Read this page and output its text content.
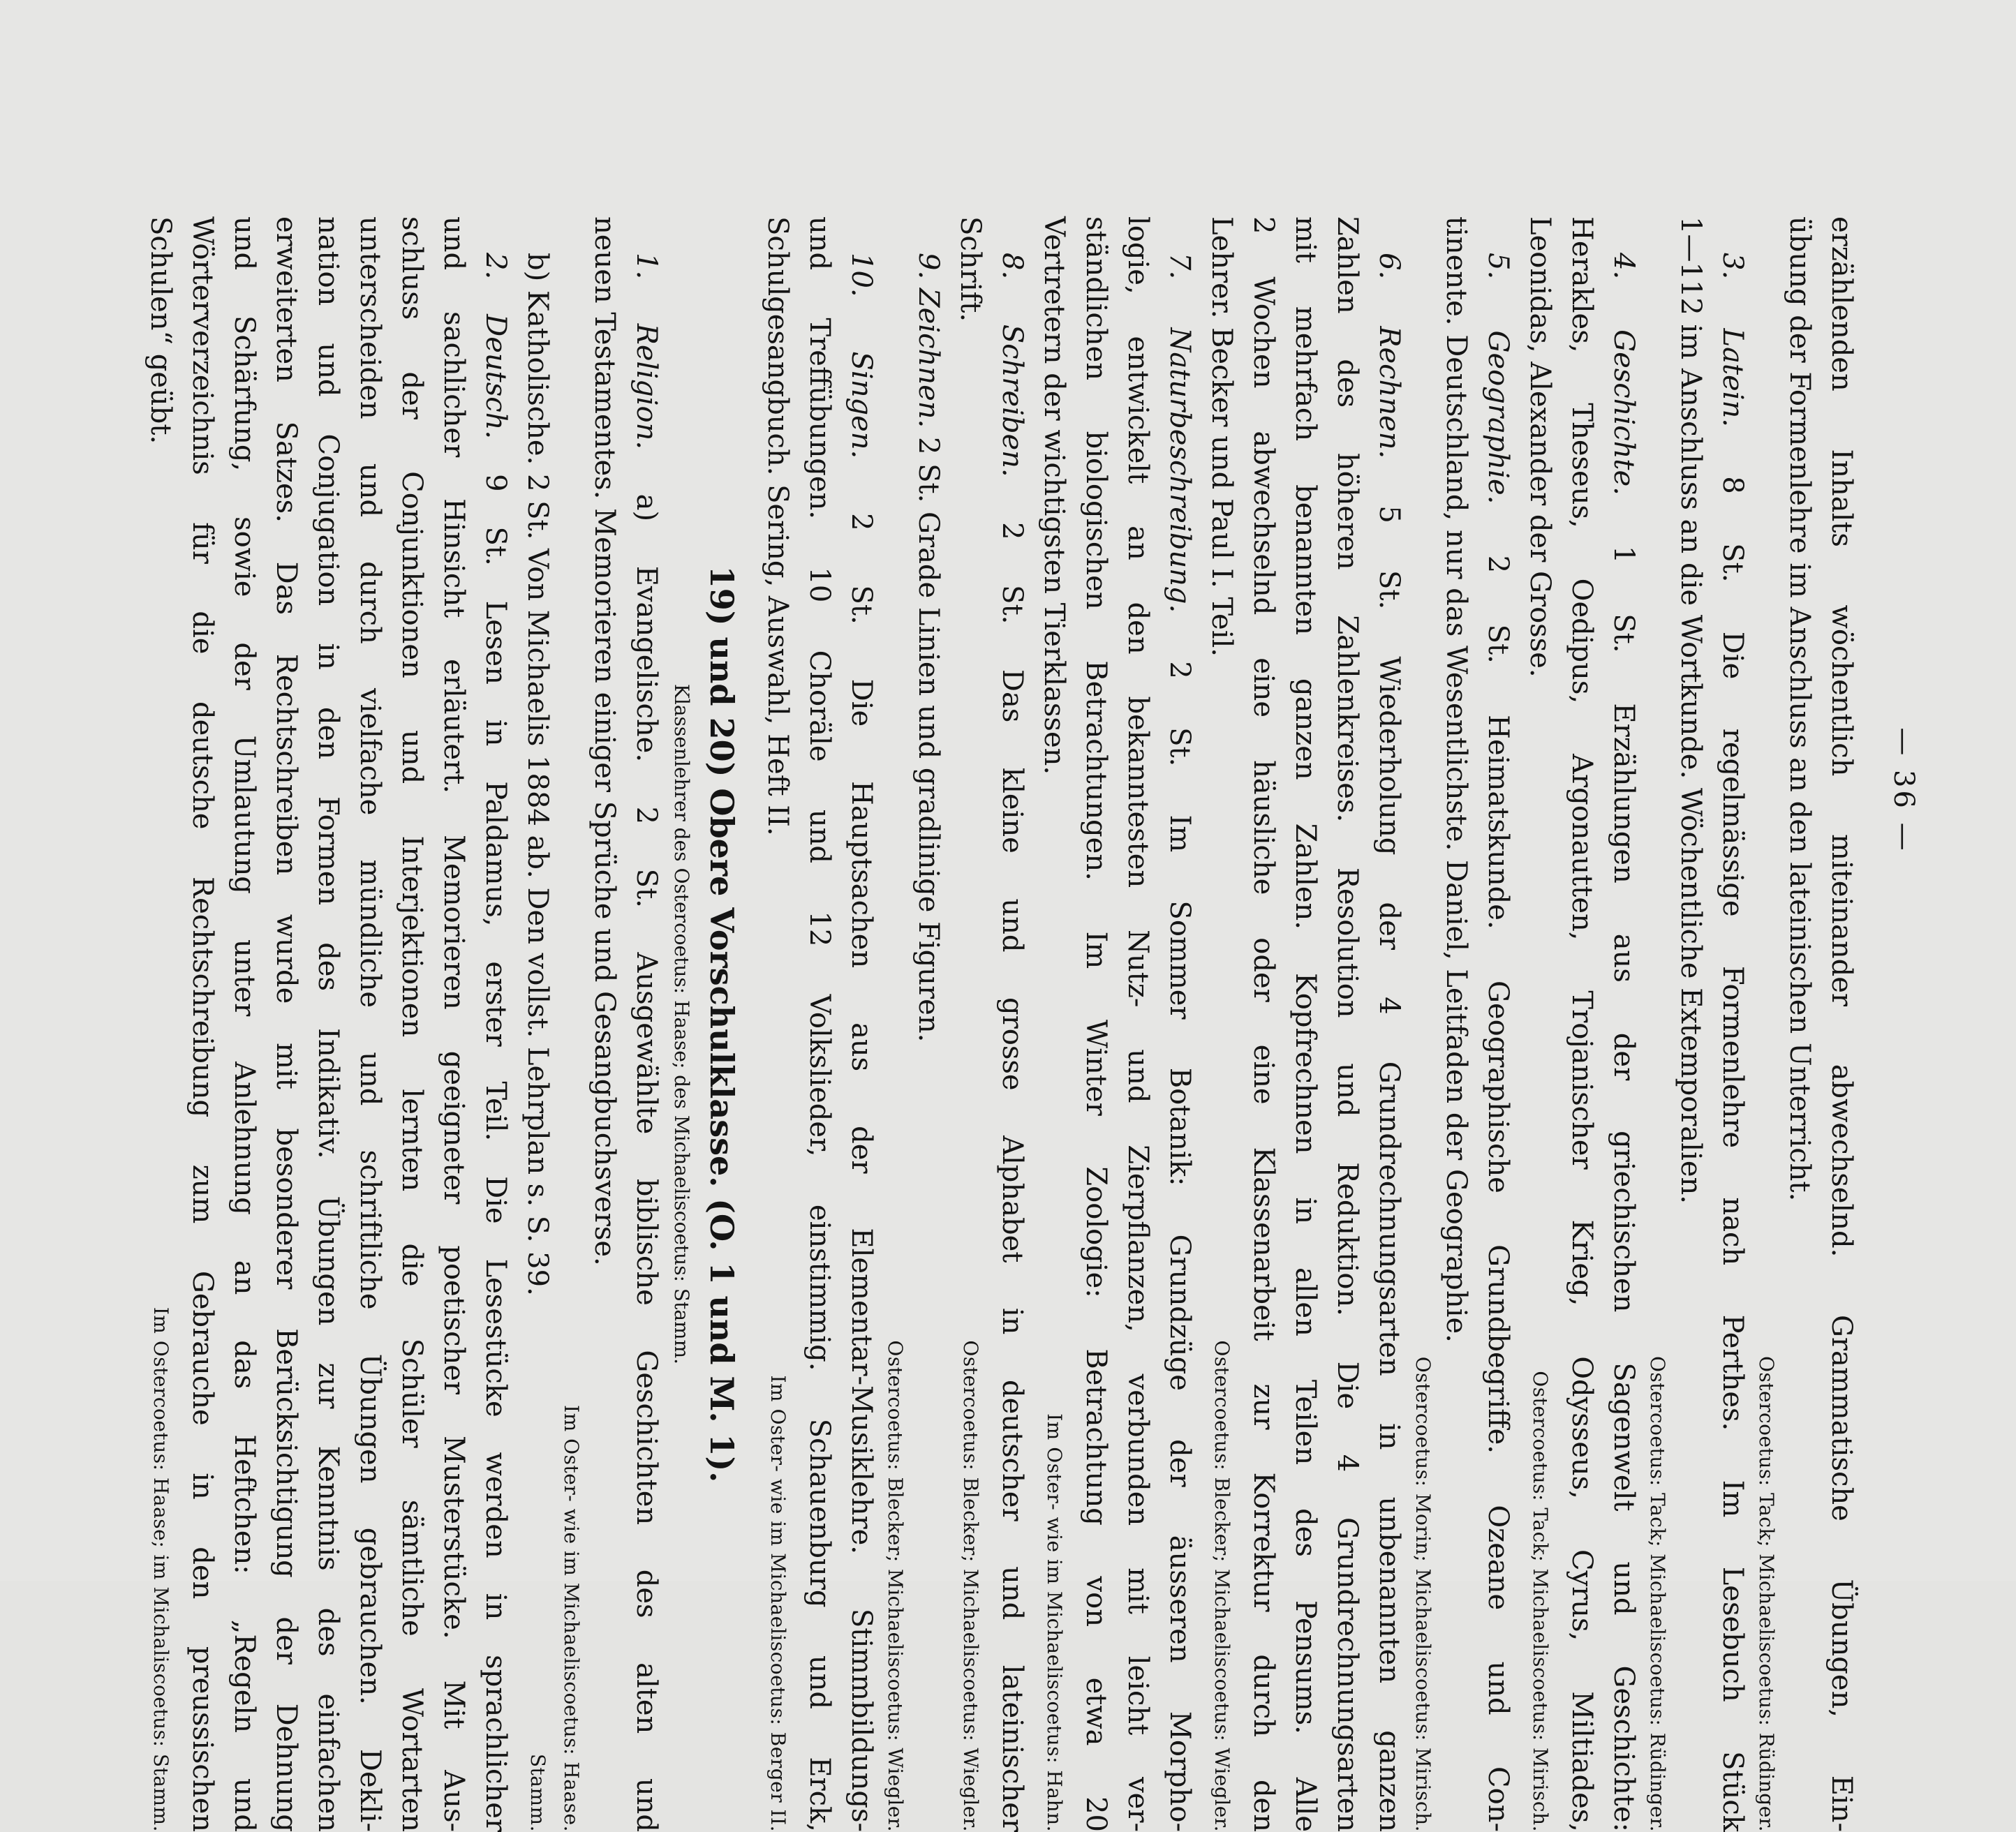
— 36 —
erzählenden Inhalts wöchentlich miteinander abwechselnd. Grammatische Übungen, Ein-
übung der Formenlehre im Anschluss an den lateinischen Unterricht.
Ostercoetus: Tack; Michaeliscoetus: Rüdinger.
3. Latein. 8 St. Die regelmässige Formenlehre nach Perthes. Im Lesebuch Stück
1—112 im Anschluss an die Wortkunde. Wöchentliche Extemporalien.
Ostercoetus: Tack; Michaeliscoetus: Rüdinger.
4. Geschichte. 1 St. Erzählungen aus der griechischen Sagenwelt und Geschichte:
Herakles, Theseus, Oedipus, Argonautten, Trojanischer Krieg, Odysseus, Cyrus, Miltiades,
Leonidas, Alexander der Grosse.
Ostercoetus: Tack; Michaeliscoetus: Mirisch.
5. Geographie. 2 St. Heimatskunde. Geographische Grundbegriffe. Ozeane und Con-
tinente. Deutschland, nur das Wesentlichste. Daniel, Leitfaden der Geographie.
Ostercoetus: Morin; Michaeliscoetus: Mirisch.
6. Rechnen. 5 St. Wiederholung der 4 Grundrechnungsarten in unbenannten ganzen
Zahlen des höheren Zahlenkreises. Resolution und Reduktion. Die 4 Grundrechnungsarten
mit mehrfach benannten ganzen Zahlen. Kopfrechnen in allen Teilen des Pensums. Alle
2 Wochen abwechselnd eine häusliche oder eine Klassenarbeit zur Korrektur durch den
Lehrer. Becker und Paul I. Teil.
Ostercoetus: Blecker; Michaeliscoetus: Wiegler.
7. Naturbeschreibung. 2 St. Im Sommer Botanik: Grundzüge der äusseren Morpho-
logie, entwickelt an den bekanntesten Nutz- und Zierpflanzen, verbunden mit leicht ver-
ständlichen biologischen Betrachtungen. Im Winter Zoologie: Betrachtung von etwa 20
Vertretern der wichtigsten Tierklassen.
Im Oster- wie im Michaeliscoetus: Hahn.
8. Schreiben. 2 St. Das kleine und grosse Alphabet in deutscher und lateinischer
Schrift.
Ostercoetus: Blecker; Michaeliscoetus: Wiegler.
9. Zeichnen. 2 St. Grade Linien und gradlinige Figuren.
Ostercoetus: Blecker; Michaeliscoetus: Wiegler.
10. Singen. 2 St. Die Hauptsachen aus der Elementar-Musiklehre. Stimmbildungs-
und Treffübungen. 10 Choräle und 12 Volkslieder, einstimmig. Schauenburg und Erck,
Schulgesangbuch. Sering, Auswahl, Heft II.
Im Oster- wie im Michaeliscoetus: Berger II.
19) und 20) Obere Vorschulklasse. (O. 1 und M. 1).
Klassenlehrer des Ostercoetus: Haase; des Michaeliscoetus: Stamm.
1. Religion. a) Evangelische. 2 St. Ausgewählte biblische Geschichten des alten und
neuen Testamentes. Memorieren einiger Sprüche und Gesangbuchsverse.
Im Oster- wie im Michaeliscoetus: Haase.
b) Katholische. 2 St. Von Michaelis 1884 ab. Den vollst. Lehrplan s. S. 39.
Stamm.
2. Deutsch. 9 St. Lesen in Paldamus, erster Teil. Die Lesestücke werden in sprachlicher
und sachlicher Hinsicht erläutert. Memorieren geeigneter poetischer Musterstücke. Mit Aus-
schluss der Conjunktionen und Interjektionen lernten die Schüler sämtliche Wortarten
unterscheiden und durch vielfache mündliche und schriftliche Übungen gebrauchen. Dekli-
nation und Conjugation in den Formen des Indikativ. Übungen zur Kenntnis des einfachen
erweiterten Satzes. Das Rechtschreiben wurde mit besonderer Berücksichtigung der Dehnung
und Schärfung, sowie der Umlautung unter Anlehnung an das Heftchen: „Regeln und
Wörterverzeichnis für die deutsche Rechtschreibung zum Gebrauche in den preussischen
Schulen“ geübt.
Im Ostercoetus: Haase; im Michaliscoetus: Stamm.
